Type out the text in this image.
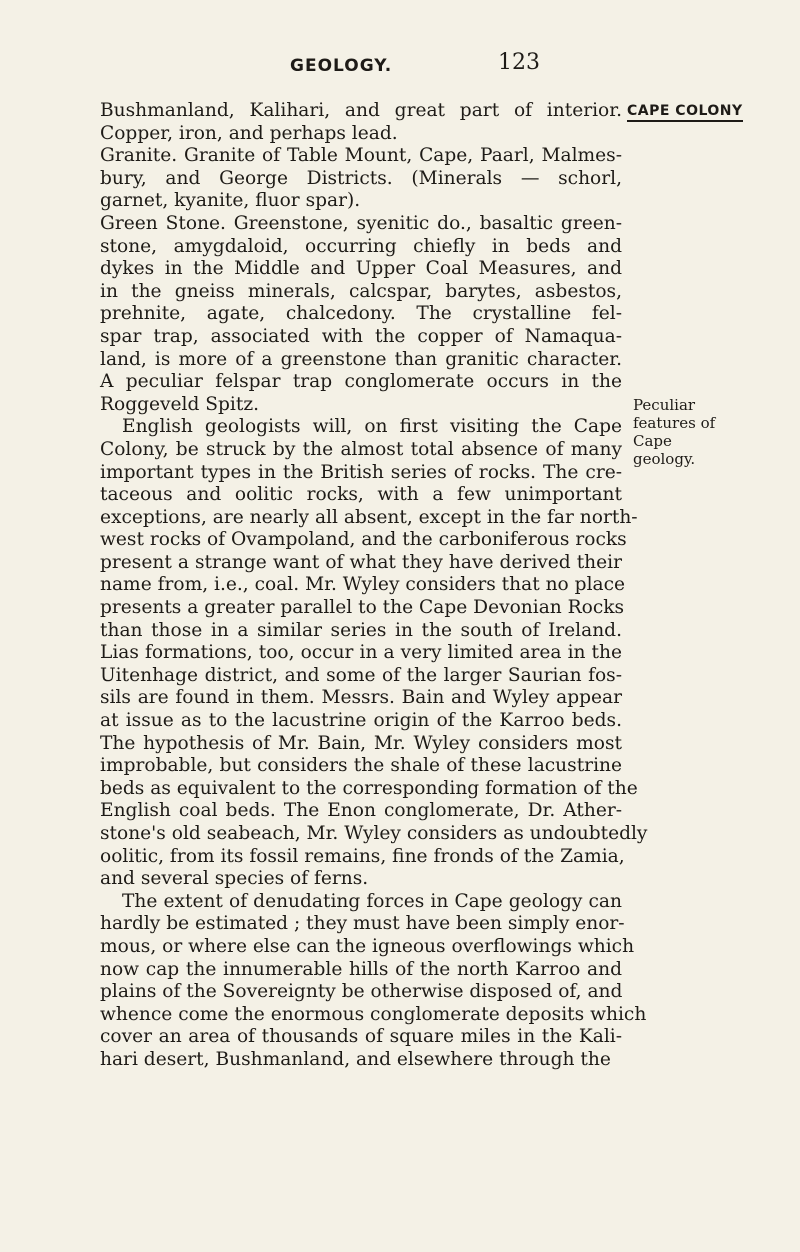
GEOLOGY.	123
CAPE COLONY
Peculiar
features of
Cape
geology.
Bushmanland, Kalihari, and great part of interior.
Copper, iron, and perhaps lead.
Granite. Granite of Table Mount, Cape, Paarl, Malmes-
bury, and George Districts. (Minerals — schorl,
garnet, kyanite, fluor spar).
Green Stone. Greenstone, syenitic do., basaltic green-
stone, amygdaloid, occurring chiefly in beds and
dykes in the Middle and Upper Coal Measures, and
in the gneiss minerals, calcspar, barytes, asbestos,
prehnite, agate, chalcedony. The crystalline fel-
spar trap, associated with the copper of Namaqua-
land, is more of a greenstone than granitic character.
A peculiar felspar trap conglomerate occurs in the
Roggeveld Spitz.
English geologists will, on first visiting the Cape
Colony, be struck by the almost total absence of many
important types in the British series of rocks. The cre-
taceous and oolitic rocks, with a few unimportant
exceptions, are nearly all absent, except in the far north-
west rocks of Ovampoland, and the carboniferous rocks
present a strange want of what they have derived their
name from, i.e., coal. Mr. Wyley considers that no place
presents a greater parallel to the Cape Devonian Rocks
than those in a similar series in the south of Ireland.
Lias formations, too, occur in a very limited area in the
Uitenhage district, and some of the larger Saurian fos-
sils are found in them. Messrs. Bain and Wyley appear
at issue as to the lacustrine origin of the Karroo beds.
The hypothesis of Mr. Bain, Mr. Wyley considers most
improbable, but considers the shale of these lacustrine
beds as equivalent to the corresponding formation of the
English coal beds. The Enon conglomerate, Dr. Ather-
stone's old seabeach, Mr. Wyley considers as undoubtedly
oolitic, from its fossil remains, fine fronds of the Zamia,
and several species of ferns.
The extent of denudating forces in Cape geology can
hardly be estimated ; they must have been simply enor-
mous, or where else can the igneous overflowings which
now cap the innumerable hills of the north Karroo and
plains of the Sovereignty be otherwise disposed of, and
whence come the enormous conglomerate deposits which
cover an area of thousands of square miles in the Kali-
hari desert, Bushmanland, and elsewhere through the
